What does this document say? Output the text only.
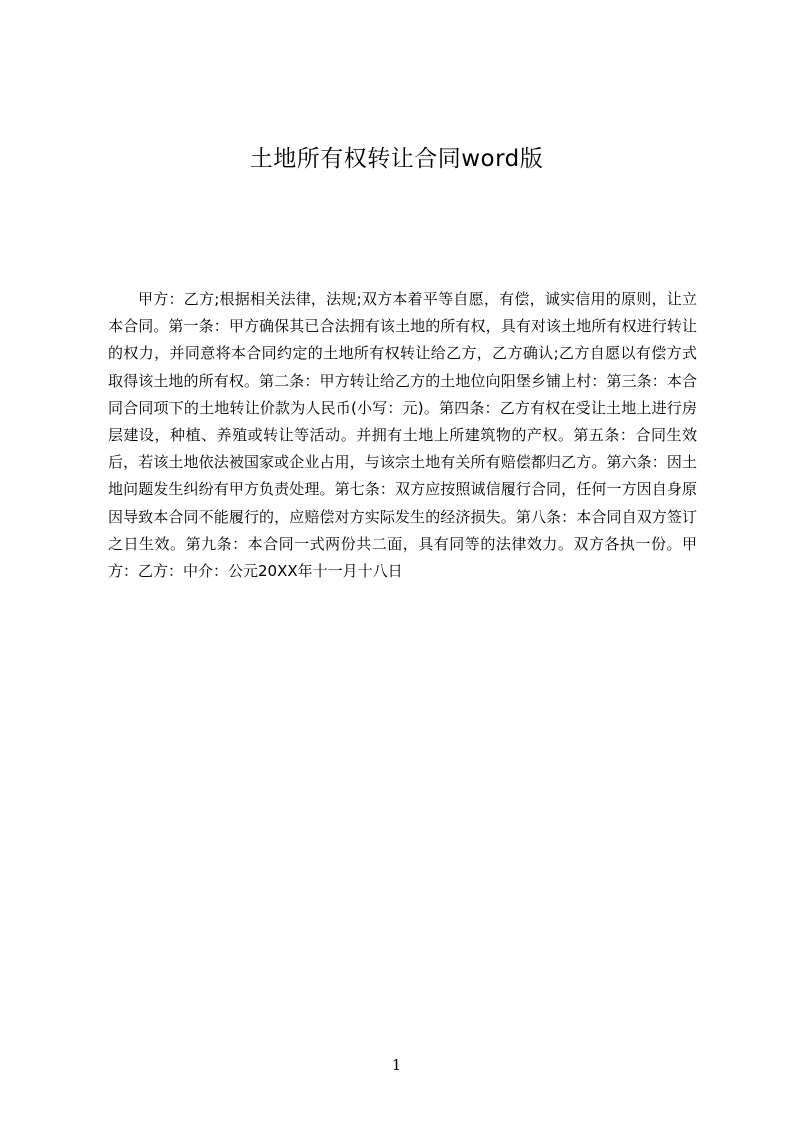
土地所有权转让合同word版

甲方：乙方;根据相关法律，法规;双方本着平等自愿，有偿，诚实信用的原则，让立本合同。第一条：甲方确保其已合法拥有该土地的所有权，具有对该土地所有权进行转让的权力，并同意将本合同约定的土地所有权转让给乙方，乙方确认;乙方自愿以有偿方式取得该土地的所有权。第二条：甲方转让给乙方的土地位向阳堡乡铺上村：第三条：本合同合同项下的土地转让价款为人民币(小写：元)。第四条：乙方有权在受让土地上进行房层建设，种植、养殖或转让等活动。并拥有土地上所建筑物的产权。第五条：合同生效后，若该土地依法被国家或企业占用，与该宗土地有关所有赔偿都归乙方。第六条：因土地问题发生纠纷有甲方负责处理。第七条：双方应按照诚信履行合同，任何一方因自身原因导致本合同不能履行的，应赔偿对方实际发生的经济损失。第八条：本合同自双方签订之日生效。第九条：本合同一式两份共二面，具有同等的法律效力。双方各执一份。甲方：乙方：中介：公元20XX年十一月十八日

1
